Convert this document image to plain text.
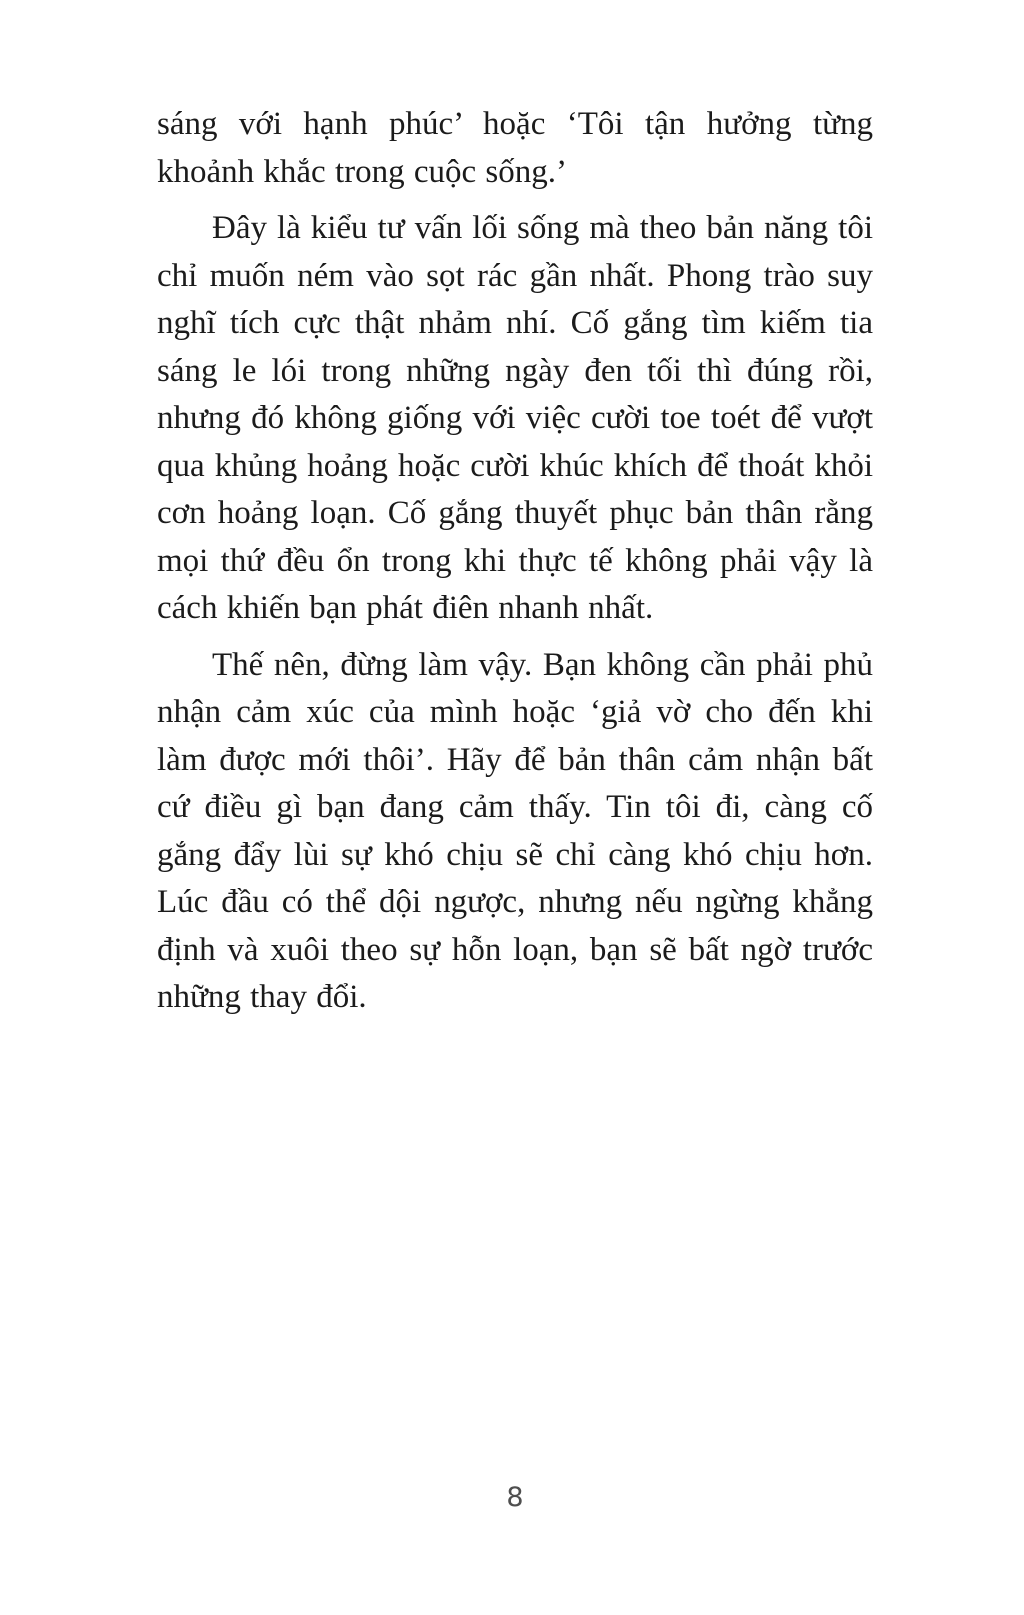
sáng với hạnh phúc’ hoặc ‘Tôi tận hưởng từng khoảnh khắc trong cuộc sống.’

Đây là kiểu tư vấn lối sống mà theo bản năng tôi chỉ muốn ném vào sọt rác gần nhất. Phong trào suy nghĩ tích cực thật nhảm nhí. Cố gắng tìm kiếm tia sáng le lói trong những ngày đen tối thì đúng rồi, nhưng đó không giống với việc cười toe toét để vượt qua khủng hoảng hoặc cười khúc khích để thoát khỏi cơn hoảng loạn. Cố gắng thuyết phục bản thân rằng mọi thứ đều ổn trong khi thực tế không phải vậy là cách khiến bạn phát điên nhanh nhất.

Thế nên, đừng làm vậy. Bạn không cần phải phủ nhận cảm xúc của mình hoặc ‘giả vờ cho đến khi làm được mới thôi’. Hãy để bản thân cảm nhận bất cứ điều gì bạn đang cảm thấy. Tin tôi đi, càng cố gắng đẩy lùi sự khó chịu sẽ chỉ càng khó chịu hơn. Lúc đầu có thể dội ngược, nhưng nếu ngừng khẳng định và xuôi theo sự hỗn loạn, bạn sẽ bất ngờ trước những thay đổi.

8
